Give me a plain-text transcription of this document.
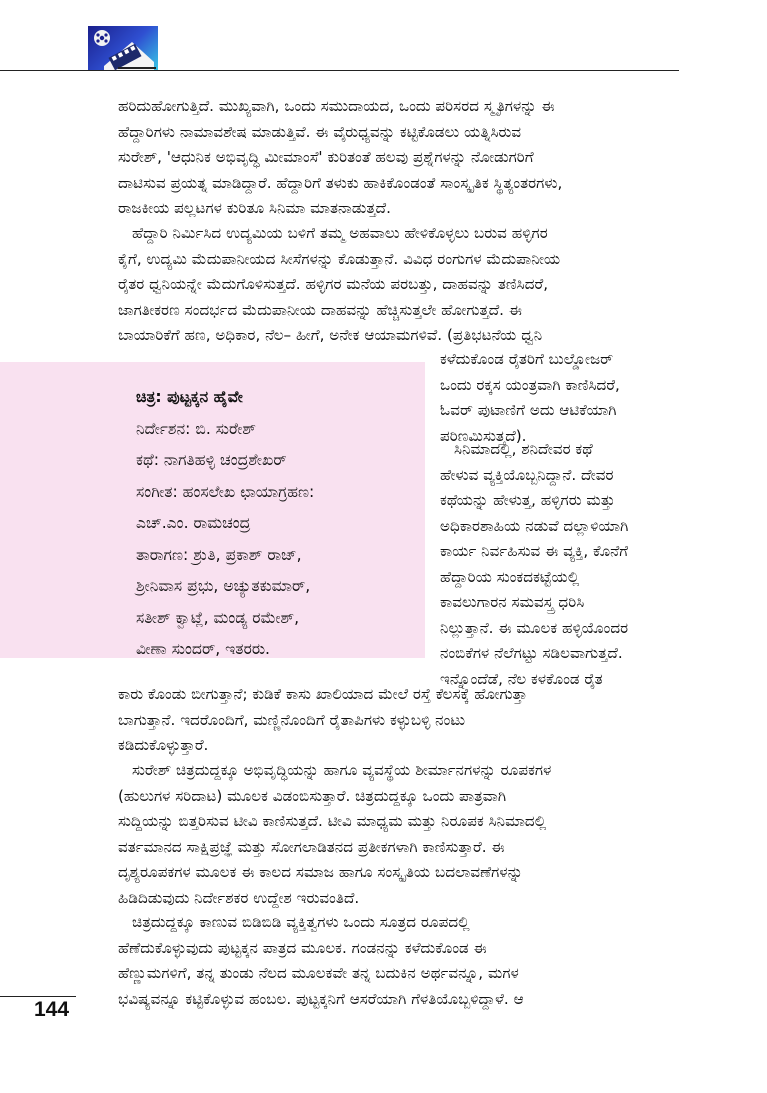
ಹರಿದುಹೋಗುತ್ತಿದೆ. ಮುಖ್ಯವಾಗಿ, ಒಂದು ಸಮುದಾಯದ, ಒಂದು ಪರಿಸರದ ಸ್ಮೃತಿಗಳನ್ನು ಈ
ಹೆದ್ದಾರಿಗಳು ನಾಮಾವಶೇಷ ಮಾಡುತ್ತಿವೆ. ಈ ವೈರುಧ್ಯವನ್ನು ಕಟ್ಟಿಕೊಡಲು ಯತ್ನಿಸಿರುವ
ಸುರೇಶ್, 'ಆಧುನಿಕ ಅಭಿವೃದ್ಧಿ ಮೀಮಾಂಸೆ' ಕುರಿತಂತೆ ಹಲವು ಪ್ರಶ್ನೆಗಳನ್ನು ನೋಡುಗರಿಗೆ
ದಾಟಿಸುವ ಪ್ರಯತ್ನ ಮಾಡಿದ್ದಾರೆ. ಹೆದ್ದಾರಿಗೆ ತಳುಕು ಹಾಕಿಕೊಂಡಂತೆ ಸಾಂಸ್ಕೃತಿಕ ಸ್ಥಿತ್ಯಂತರಗಳು,
ರಾಜಕೀಯ ಪಲ್ಲಟಗಳ ಕುರಿತೂ ಸಿನಿಮಾ ಮಾತನಾಡುತ್ತದೆ.
ಹೆದ್ದಾರಿ ನಿರ್ಮಿಸಿದ ಉದ್ಯಮಿಯ ಬಳಿಗೆ ತಮ್ಮ ಅಹವಾಲು ಹೇಳಿಕೊಳ್ಳಲು ಬರುವ ಹಳ್ಳಿಗರ
ಕೈಗೆ, ಉದ್ಯಮಿ ಮೆದುಪಾನೀಯದ ಸೀಸೆಗಳನ್ನು ಕೊಡುತ್ತಾನೆ. ವಿವಿಧ ರಂಗುಗಳ ಮೆದುಪಾನೀಯ
ರೈತರ ಧ್ವನಿಯನ್ನೇ ಮೆದುಗೊಳಿಸುತ್ತದೆ. ಹಳ್ಳಿಗರ ಮನೆಯ ಪರಬತ್ತು, ದಾಹವನ್ನು ತಣಿಸಿದರೆ,
ಜಾಗತೀಕರಣ ಸಂದರ್ಭದ ಮೆದುಪಾನೀಯ ದಾಹವನ್ನು ಹೆಚ್ಚಿಸುತ್ತಲೇ ಹೋಗುತ್ತದೆ. ಈ
ಬಾಯಾರಿಕೆಗೆ ಹಣ, ಅಧಿಕಾರ, ನೆಲ– ಹೀಗೆ, ಅನೇಕ ಆಯಾಮಗಳಿವೆ. (ಪ್ರತಿಭಟನೆಯ ಧ್ವನಿ
ಕಳೆದುಕೊಂಡ ರೈತರಿಗೆ ಬುಲ್ಡೋಜರ್
ಒಂದು ರಕ್ಕಸ ಯಂತ್ರವಾಗಿ ಕಾಣಿಸಿದರೆ,
ಓವರ್ ಪುಟಾಣಿಗೆ ಅದು ಆಟಿಕೆಯಾಗಿ
ಪರಿಣಮಿಸುತ್ತದೆ).
ಚಿತ್ರ: ಪುಟ್ಟಕ್ಕನ ಹೈವೇ
ನಿರ್ದೇಶನ: ಬಿ. ಸುರೇಶ್
ಕಥೆ: ನಾಗತಿಹಳ್ಳಿ ಚಂದ್ರಶೇಖರ್
ಸಂಗೀತ: ಹಂಸಲೇಖ ಛಾಯಾಗ್ರಹಣ:
ಎಚ್.ಎಂ. ರಾಮಚಂದ್ರ
ತಾರಾಗಣ: ಶ್ರುತಿ, ಪ್ರಕಾಶ್ ರಾಜ್,
ಶ್ರೀನಿವಾಸ ಪ್ರಭು, ಅಚ್ಯುತಕುಮಾರ್,
ಸತೀಶ್ ಕ್ವಾಟ್ಲೆ, ಮಂಡ್ಯ ರಮೇಶ್,
ವೀಣಾ ಸುಂದರ್, ಇತರರು.
ಸಿನಿಮಾದಲ್ಲಿ, ಶನಿದೇವರ ಕಥೆ
ಹೇಳುವ ವ್ಯಕ್ತಿಯೊಬ್ಬನಿದ್ದಾನೆ. ದೇವರ
ಕಥೆಯನ್ನು ಹೇಳುತ್ತ, ಹಳ್ಳಿಗರು ಮತ್ತು
ಅಧಿಕಾರಶಾಹಿಯ ನಡುವೆ ದಲ್ಲಾಳಿಯಾಗಿ
ಕಾರ್ಯ ನಿರ್ವಹಿಸುವ ಈ ವ್ಯಕ್ತಿ, ಕೊನೆಗೆ
ಹೆದ್ದಾರಿಯ ಸುಂಕದಕಟ್ಟೆಯಲ್ಲಿ
ಕಾವಲುಗಾರನ ಸಮವಸ್ತ್ರ ಧರಿಸಿ
ನಿಲ್ಲುತ್ತಾನೆ. ಈ ಮೂಲಕ ಹಳ್ಳಿಯೊಂದರ
ನಂಬಿಕೆಗಳ ನೆಲೆಗಟ್ಟು ಸಡಿಲವಾಗುತ್ತದೆ.
ಇನ್ನೊಂದೆಡೆ, ನೆಲ ಕಳಕೊಂಡ ರೈತ
ಕಾರು ಕೊಂಡು ಬೀಗುತ್ತಾನೆ; ಕುಡಿಕೆ ಕಾಸು ಖಾಲಿಯಾದ ಮೇಲೆ ರಸ್ತೆ ಕೆಲಸಕ್ಕೆ ಹೋಗುತ್ತಾ
ಬಾಗುತ್ತಾನೆ. ಇದರೊಂದಿಗೆ, ಮಣ್ಣಿನೊಂದಿಗೆ ರೈತಾಪಿಗಳು ಕಳ್ಳುಬಳ್ಳಿ ನಂಟು
ಕಡಿದುಕೊಳ್ಳುತ್ತಾರೆ.
ಸುರೇಶ್ ಚಿತ್ರದುದ್ದಕ್ಕೂ ಅಭಿವೃದ್ಧಿಯನ್ನು ಹಾಗೂ ವ್ಯವಸ್ಥೆಯ ಶೀರ್ಮಾನಗಳನ್ನು ರೂಪಕಗಳ
(ಹುಲುಗಳ ಸರಿದಾಟ) ಮೂಲಕ ವಿಡಂಬಿಸುತ್ತಾರೆ. ಚಿತ್ರದುದ್ದಕ್ಕೂ ಒಂದು ಪಾತ್ರವಾಗಿ
ಸುದ್ದಿಯನ್ನು ಬಿತ್ತರಿಸುವ ಟೀವಿ ಕಾಣಿಸುತ್ತದೆ. ಟೀವಿ ಮಾಧ್ಯಮ ಮತ್ತು ನಿರೂಪಕ ಸಿನಿಮಾದಲ್ಲಿ
ವರ್ತಮಾನದ ಸಾಕ್ಷಿಪ್ರಜ್ಞೆ ಮತ್ತು ಸೋಗಲಾಡಿತನದ ಪ್ರತೀಕಗಳಾಗಿ ಕಾಣಿಸುತ್ತಾರೆ. ಈ
ದೃಶ್ಯರೂಪಕಗಳ ಮೂಲಕ ಈ ಕಾಲದ ಸಮಾಜ ಹಾಗೂ ಸಂಸ್ಕೃತಿಯ ಬದಲಾವಣೆಗಳನ್ನು
ಹಿಡಿದಿಡುವುದು ನಿರ್ದೇಶಕರ ಉದ್ದೇಶ ಇರುವಂತಿದೆ.
ಚಿತ್ರದುದ್ದಕ್ಕೂ ಕಾಣುವ ಬಿಡಿಬಿಡಿ ವ್ಯಕ್ತಿತ್ವಗಳು ಒಂದು ಸೂತ್ರದ ರೂಪದಲ್ಲಿ
ಹೆಣೆದುಕೊಳ್ಳುವುದು ಪುಟ್ಟಕ್ಕನ ಪಾತ್ರದ ಮೂಲಕ. ಗಂಡನನ್ನು ಕಳೆದುಕೊಂಡ ಈ
ಹೆಣ್ಣುಮಗಳಿಗೆ, ತನ್ನ ತುಂಡು ನೆಲದ ಮೂಲಕವೇ ತನ್ನ ಬದುಕಿನ ಅರ್ಥವನ್ನೂ, ಮಗಳ
ಭವಿಷ್ಯವನ್ನೂ ಕಟ್ಟಿಕೊಳ್ಳುವ ಹಂಬಲ. ಪುಟ್ಟಕ್ಕನಿಗೆ ಆಸರೆಯಾಗಿ ಗೆಳತಿಯೊಬ್ಬಳಿದ್ದಾಳೆ. ಆ
144
